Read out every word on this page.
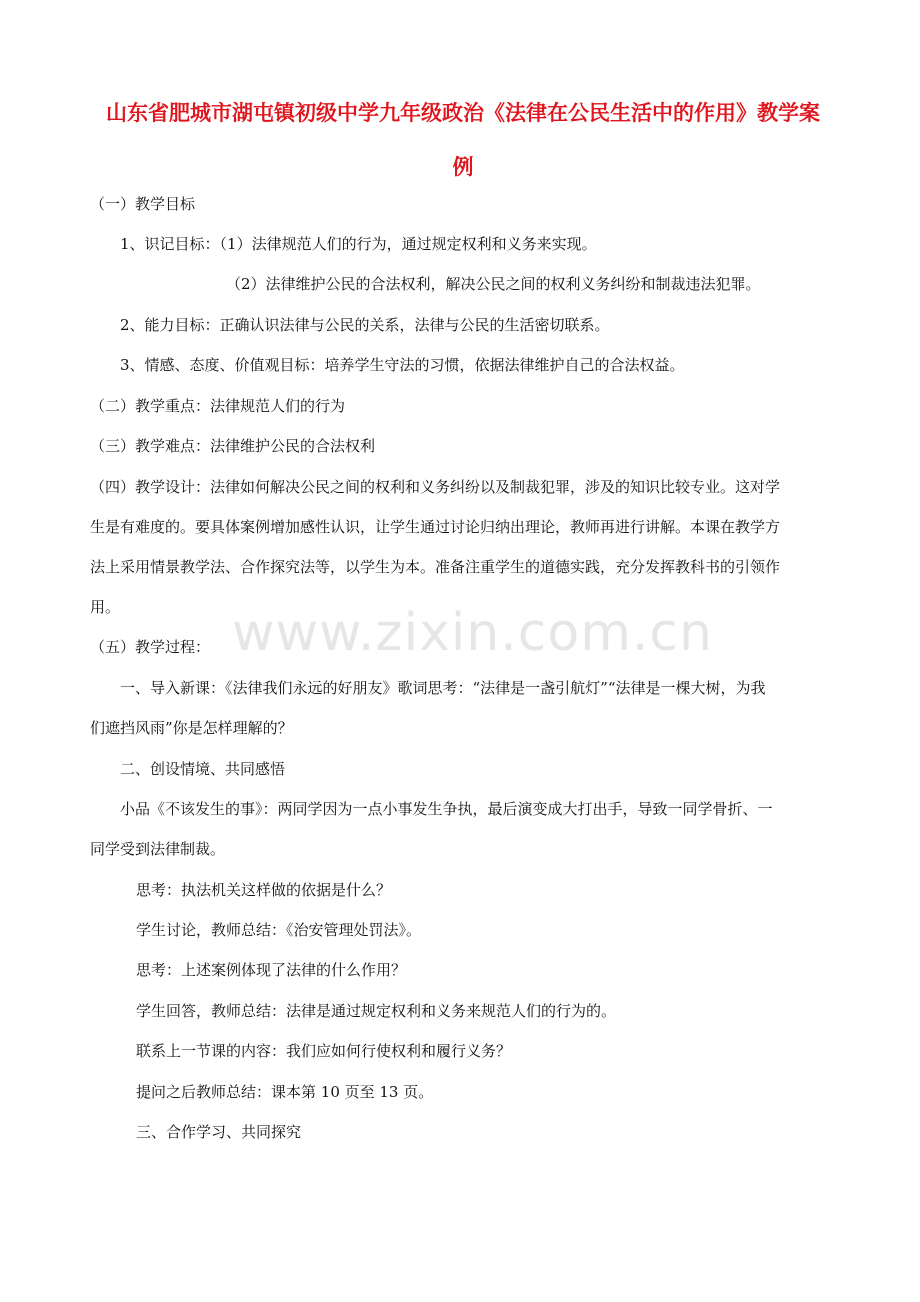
www.zixin.com.cn
山东省肥城市湖屯镇初级中学九年级政治《法律在公民生活中的作用》教学案
例
（一）教学目标
1、识记目标：（1）法律规范人们的行为，通过规定权利和义务来实现。
（2）法律维护公民的合法权利，解决公民之间的权利义务纠纷和制裁违法犯罪。
2、能力目标：正确认识法律与公民的关系，法律与公民的生活密切联系。
3、情感、态度、价值观目标：培养学生守法的习惯，依据法律维护自己的合法权益。
（二）教学重点：法律规范人们的行为
（三）教学难点：法律维护公民的合法权利
（四）教学设计：法律如何解决公民之间的权利和义务纠纷以及制裁犯罪，涉及的知识比较专业。这对学
生是有难度的。要具体案例增加感性认识，让学生通过讨论归纳出理论，教师再进行讲解。本课在教学方
法上采用情景教学法、合作探究法等，以学生为本。准备注重学生的道德实践，充分发挥教科书的引领作
用。
（五）教学过程：
一、导入新课：《法律我们永远的好朋友》歌词思考：“法律是一盏引航灯”“法律是一棵大树，为我
们遮挡风雨”你是怎样理解的？
二、创设情境、共同感悟
小品《不该发生的事》：两同学因为一点小事发生争执，最后演变成大打出手，导致一同学骨折、一
同学受到法律制裁。
思考：执法机关这样做的依据是什么？
学生讨论，教师总结：《治安管理处罚法》。
思考：上述案例体现了法律的什么作用？
学生回答，教师总结：法律是通过规定权利和义务来规范人们的行为的。
联系上一节课的内容：我们应如何行使权利和履行义务？
提问之后教师总结：课本第 10 页至 13 页。
三、合作学习、共同探究
